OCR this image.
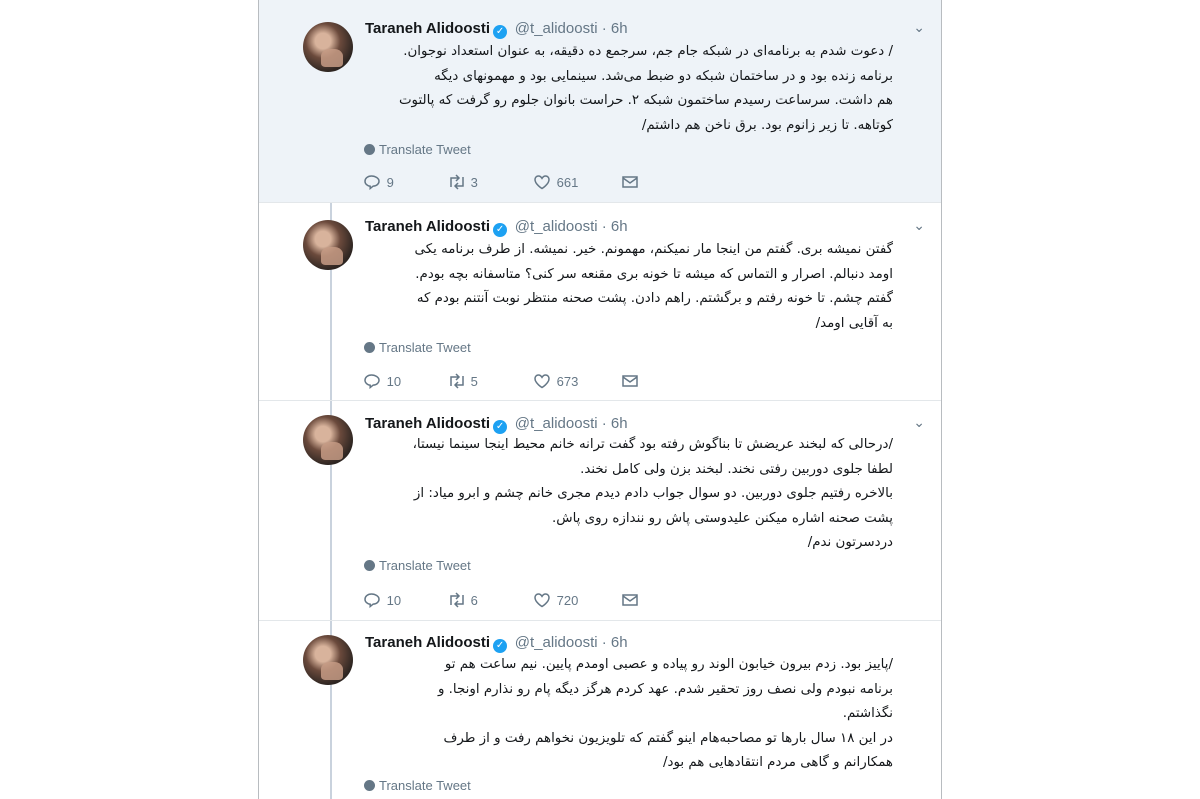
Taraneh Alidoosti ✓ @t_alidoosti · 6h	⌄
/ دعوت شدم به برنامه‌ای در شبکه جام جم، سرجمع ده دقیقه، به عنوان استعداد نوجوان.
برنامه زنده بود و در ساختمان شبکه دو ضبط می‌شد. سینمایی بود و مهمونهای دیگه
هم داشت. سرساعت رسیدم ساختمون شبکه ۲. حراست بانوان جلوم رو گرفت که پالتوت
کوتاهه. تا زیر زانوم بود. برق ناخن هم داشتم/
Translate Tweet
9	3	661
Taraneh Alidoosti ✓ @t_alidoosti · 6h	⌄
گفتن نمیشه بری. گفتم من اینجا مار نمیکنم، مهمونم. خیر. نمیشه. از طرف برنامه یکی
اومد دنبالم. اصرار و التماس که میشه تا خونه بری مقنعه سر کنی؟ متاسفانه بچه بودم.
گفتم چشم. تا خونه رفتم و برگشتم. راهم دادن. پشت صحنه منتظر نوبت آنتنم بودم که
به آقایی اومد/
Translate Tweet
10	5	673
Taraneh Alidoosti ✓ @t_alidoosti · 6h	⌄
/درحالی که لبخند عریضش تا بناگوش رفته بود گفت ترانه خانم محیط اینجا سینما نیستا،
لطفا جلوی دوربین رفتی نخند. لبخند بزن ولی کامل نخند.
بالاخره رفتیم جلوی دوربین. دو سوال جواب دادم دیدم مجری خانم چشم و ابرو میاد: از
پشت صحنه اشاره میکنن علیدوستی پاش رو نندازه روی پاش.
دردسرتون ندم/
Translate Tweet
10	6	720
Taraneh Alidoosti ✓ @t_alidoosti · 6h
/پاییز بود. زدم بیرون خیابون الوند رو پیاده و عصبی اومدم پایین. نیم ساعت هم تو
برنامه نبودم ولی نصف روز تحقیر شدم. عهد کردم هرگز دیگه پام رو نذارم اونجا. و
نگذاشتم.
در این ۱۸ سال بارها تو مصاحبه‌هام اینو گفتم که تلویزیون نخواهم رفت و از طرف
همکارانم و گاهی مردم انتقادهایی هم بود/
Translate Tweet
